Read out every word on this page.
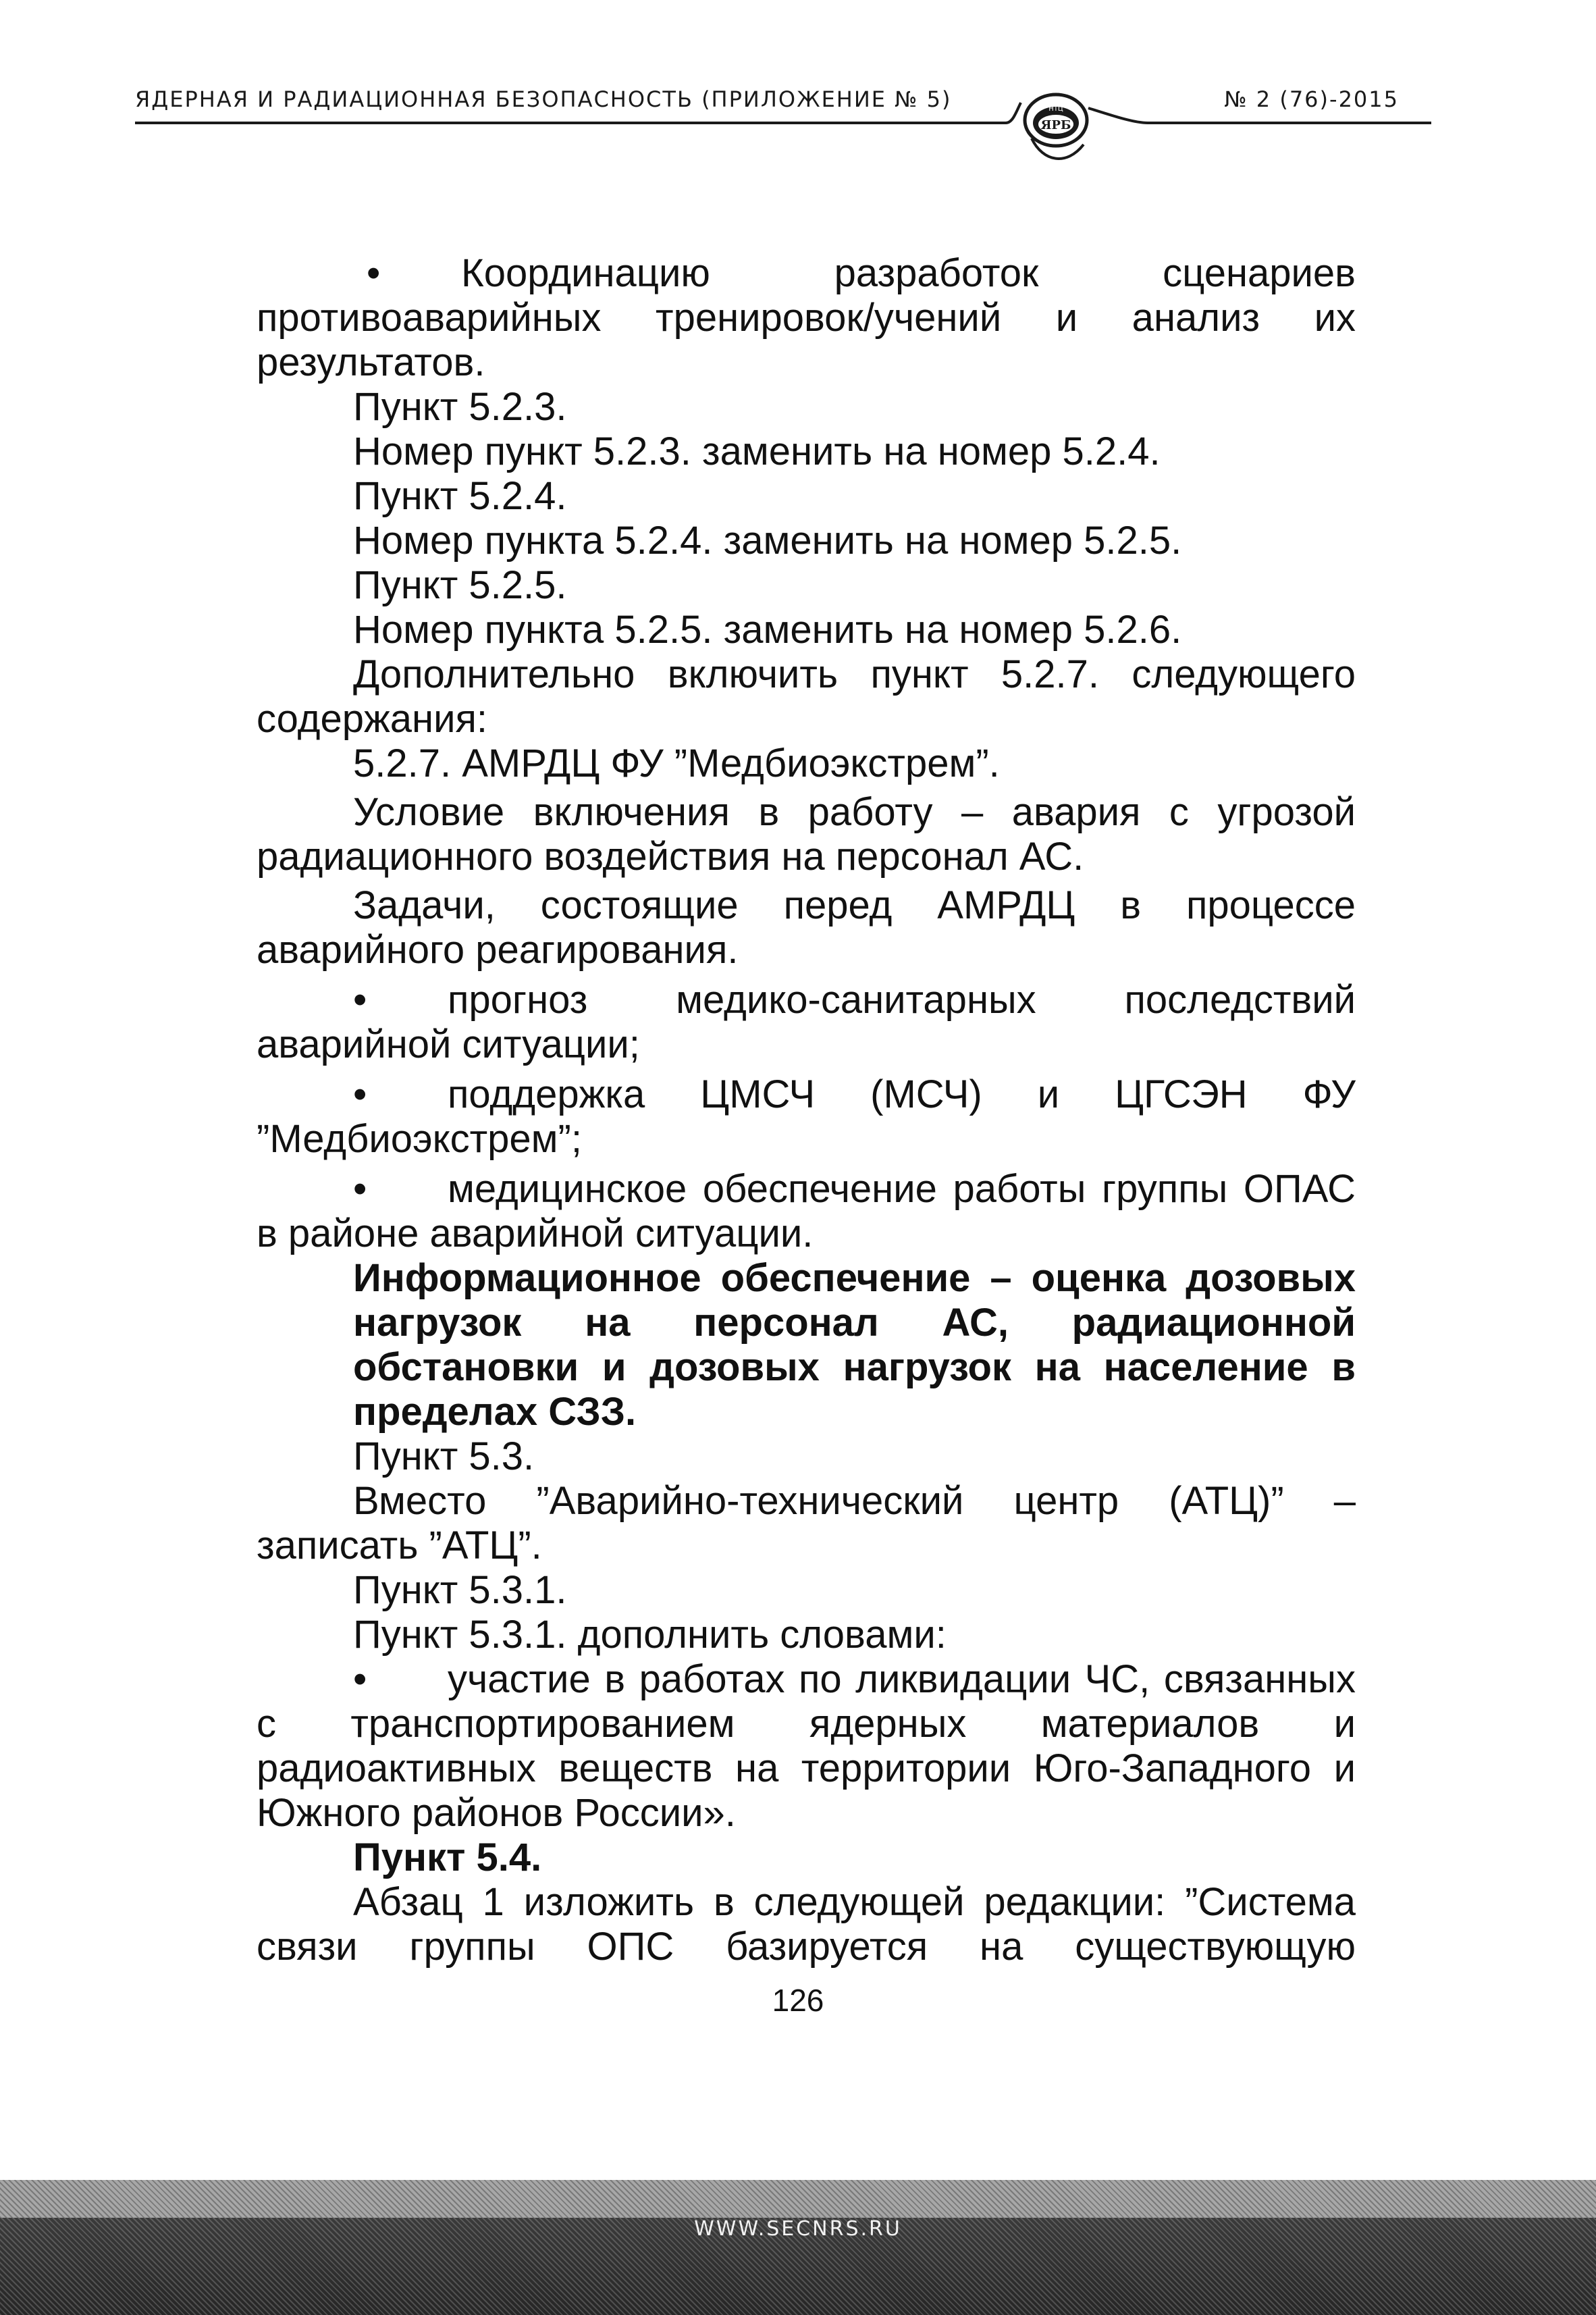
ЯДЕРНАЯ И РАДИАЦИОННАЯ БЕЗОПАСНОСТЬ (ПРИЛОЖЕНИЕ № 5)	№ 2 (76)-2015
НТЦ
ЯРБ

• Координацию разработок сценариев противоаварийных тренировок/учений и анализ их результатов.

Пункт 5.2.3.

Номер пункт 5.2.3. заменить на номер 5.2.4.

Пункт 5.2.4.

Номер пункта 5.2.4. заменить на номер 5.2.5.

Пункт 5.2.5.

Номер пункта 5.2.5. заменить на номер 5.2.6.

Дополнительно включить пункт 5.2.7. следующего содержания:

5.2.7. АМРДЦ ФУ ”Медбиоэкстрем”.

Условие включения в работу – авария с угрозой радиационного воздействия на персонал АС.

Задачи, состоящие перед АМРДЦ в процессе аварийного реагирования.

• прогноз медико-санитарных последствий аварийной ситуации;

• поддержка ЦМСЧ (МСЧ) и ЦГСЭН ФУ ”Медбиоэкстрем”;

• медицинское обеспечение работы группы ОПАС в районе аварийной ситуации.

Информационное обеспечение – оценка дозовых нагрузок на персонал АС, радиационной обстановки и дозовых нагрузок на население в пределах СЗЗ.

Пункт 5.3.

Вместо ”Аварийно-технический центр (АТЦ)” – записать ”АТЦ”.

Пункт 5.3.1.

Пункт 5.3.1. дополнить словами:

• участие в работах по ликвидации ЧС, связанных с транспортированием ядерных материалов и радиоактивных веществ на территории Юго-Западного и Южного районов России».

Пункт 5.4.

Абзац 1 изложить в следующей редакции: ”Система связи группы ОПС базируется на существующую

126
WWW.SECNRS.RU
